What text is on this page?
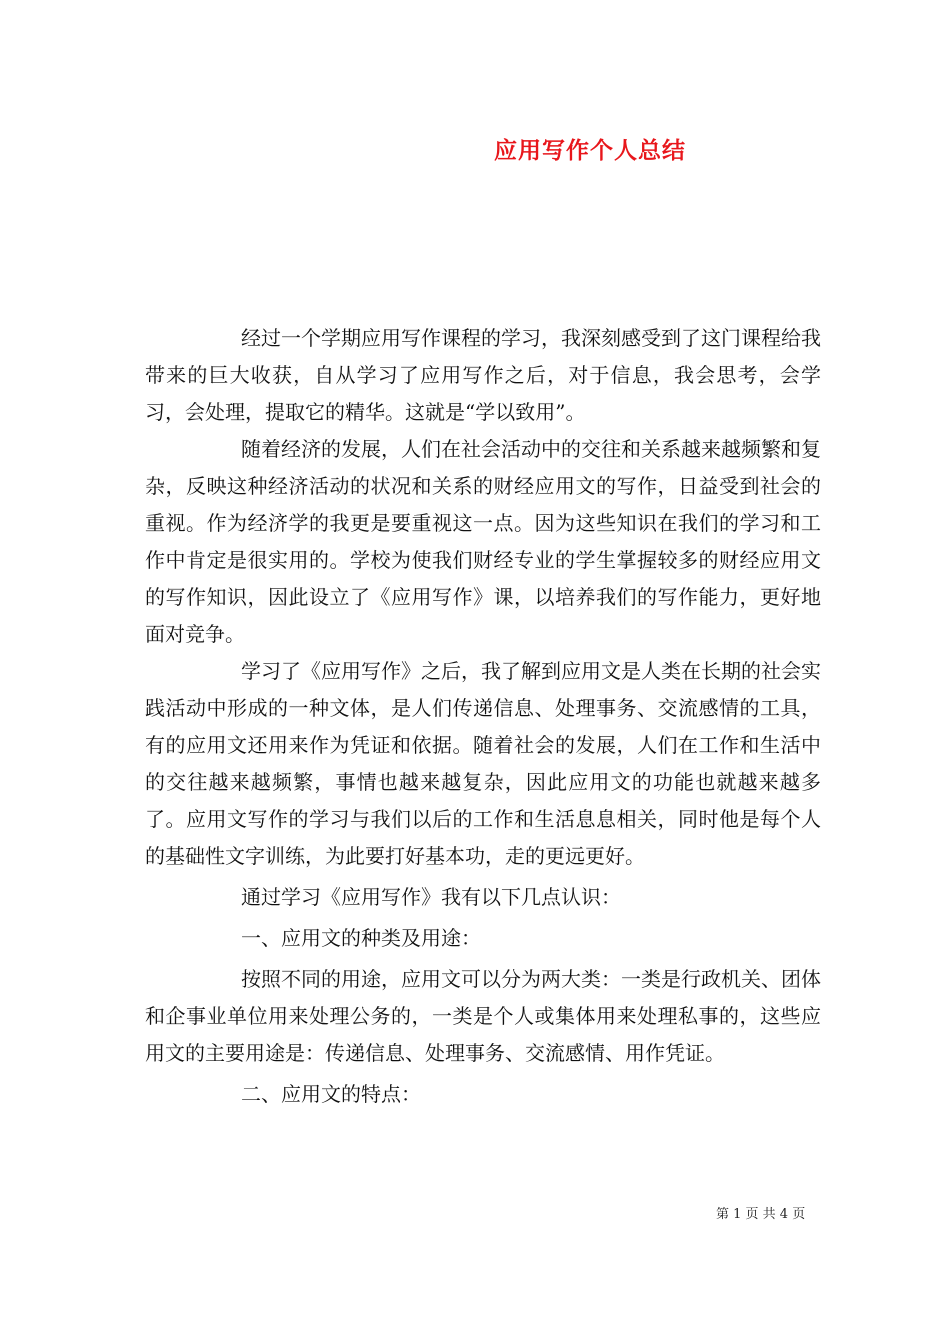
应用写作个人总结

经过一个学期应用写作课程的学习，我深刻感受到了这门课程给我带来的巨大收获，自从学习了应用写作之后，对于信息，我会思考，会学习，会处理，提取它的精华。这就是“学以致用”。

随着经济的发展，人们在社会活动中的交往和关系越来越频繁和复杂，反映这种经济活动的状况和关系的财经应用文的写作，日益受到社会的重视。作为经济学的我更是要重视这一点。因为这些知识在我们的学习和工作中肯定是很实用的。学校为使我们财经专业的学生掌握较多的财经应用文的写作知识，因此设立了《应用写作》课，以培养我们的写作能力，更好地面对竞争。

学习了《应用写作》之后，我了解到应用文是人类在长期的社会实践活动中形成的一种文体，是人们传递信息、处理事务、交流感情的工具，有的应用文还用来作为凭证和依据。随着社会的发展，人们在工作和生活中的交往越来越频繁，事情也越来越复杂，因此应用文的功能也就越来越多了。应用文写作的学习与我们以后的工作和生活息息相关，同时他是每个人的基础性文字训练，为此要打好基本功，走的更远更好。

通过学习《应用写作》我有以下几点认识：

一、应用文的种类及用途：

按照不同的用途，应用文可以分为两大类：一类是行政机关、团体和企事业单位用来处理公务的，一类是个人或集体用来处理私事的，这些应用文的主要用途是：传递信息、处理事务、交流感情、用作凭证。

二、应用文的特点：

第 1 页 共 4 页
